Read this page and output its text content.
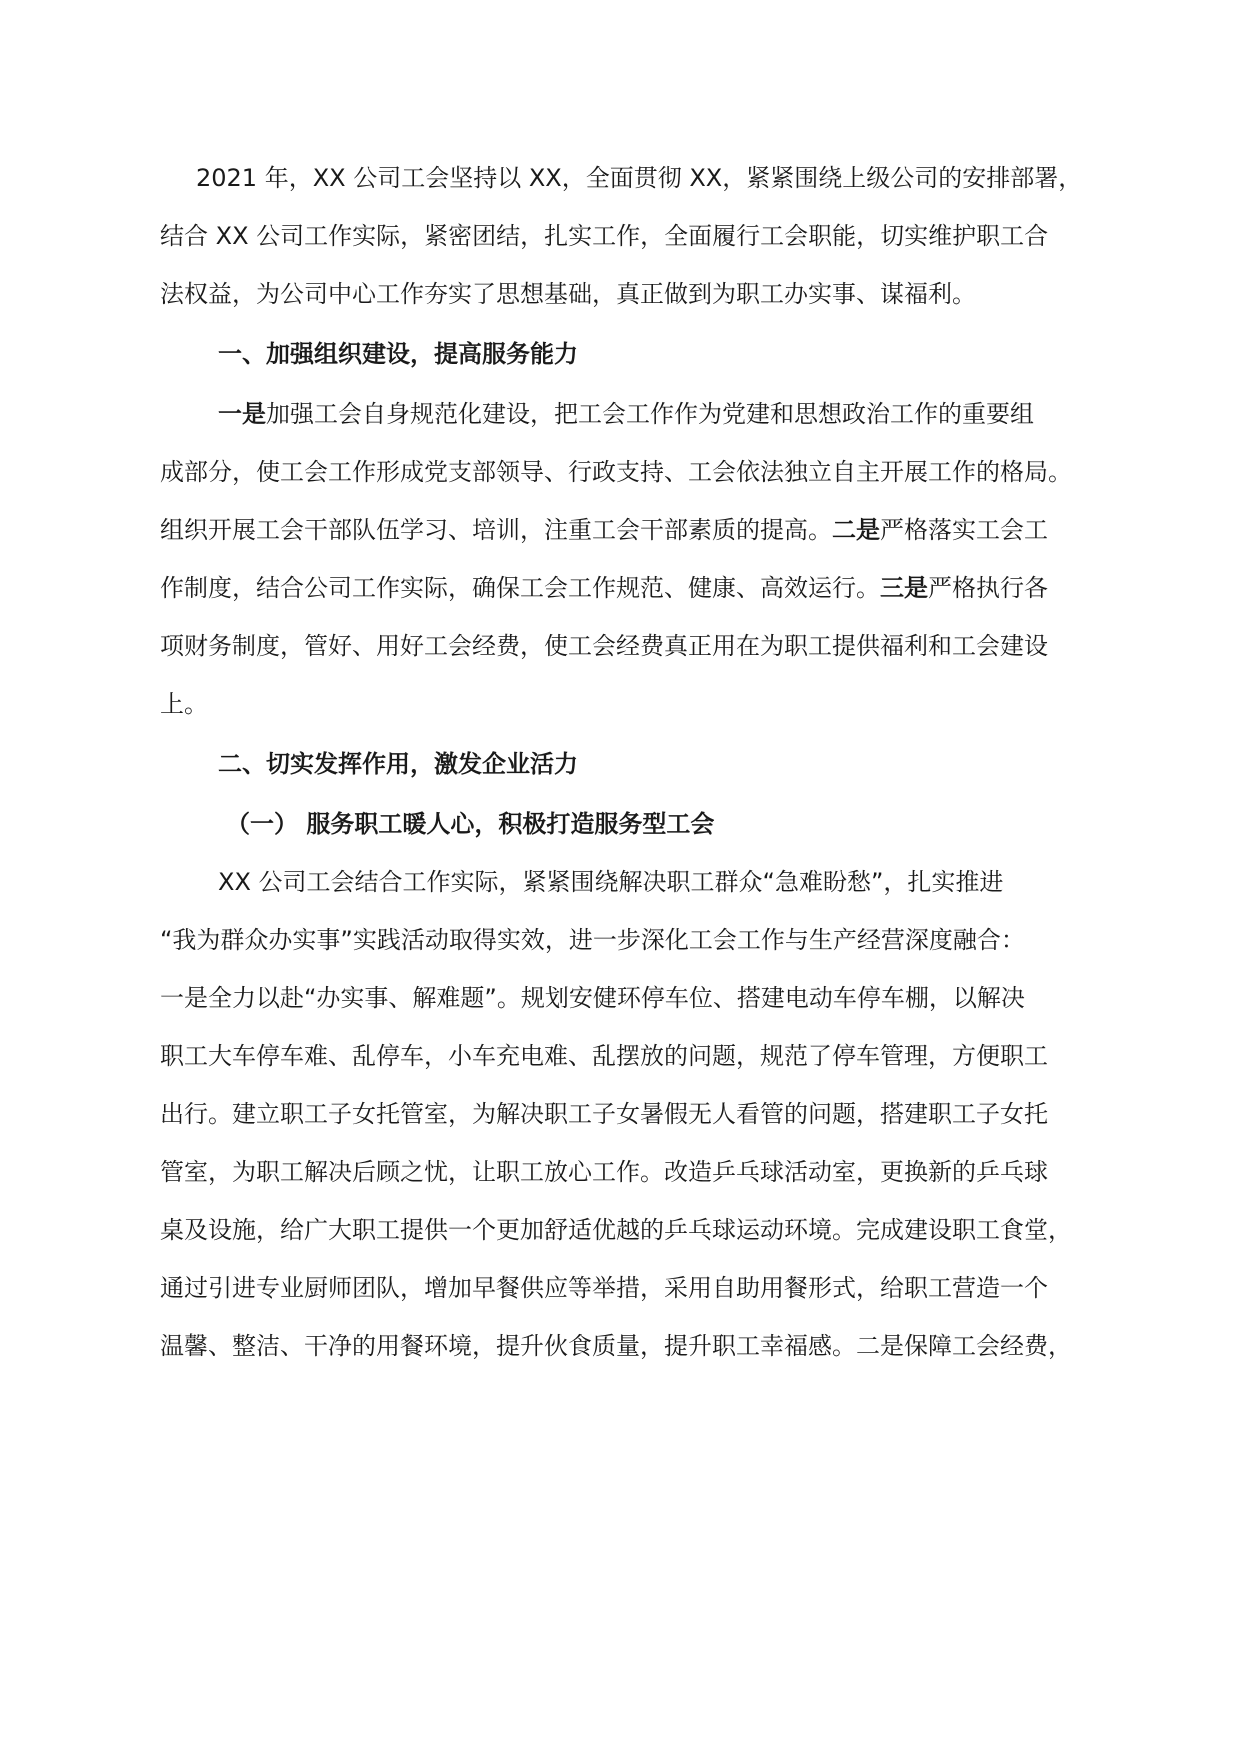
2021 年，XX 公司工会坚持以 XX，全面贯彻 XX，紧紧围绕上级公司的安排部署，
结合 XX 公司工作实际，紧密团结，扎实工作，全面履行工会职能，切实维护职工合
法权益，为公司中心工作夯实了思想基础，真正做到为职工办实事、谋福利。
一、加强组织建设，提高服务能力
一是加强工会自身规范化建设，把工会工作作为党建和思想政治工作的重要组
成部分，使工会工作形成党支部领导、行政支持、工会依法独立自主开展工作的格局。
组织开展工会干部队伍学习、培训，注重工会干部素质的提高。二是严格落实工会工
作制度，结合公司工作实际，确保工会工作规范、健康、高效运行。三是严格执行各
项财务制度，管好、用好工会经费，使工会经费真正用在为职工提供福利和工会建设
上。
二、切实发挥作用，激发企业活力
（一） 服务职工暖人心，积极打造服务型工会
XX 公司工会结合工作实际，紧紧围绕解决职工群众“急难盼愁”，扎实推进
“我为群众办实事”实践活动取得实效，进一步深化工会工作与生产经营深度融合：
一是全力以赴“办实事、解难题”。规划安健环停车位、搭建电动车停车棚，以解决
职工大车停车难、乱停车，小车充电难、乱摆放的问题，规范了停车管理，方便职工
出行。建立职工子女托管室，为解决职工子女暑假无人看管的问题，搭建职工子女托
管室，为职工解决后顾之忧，让职工放心工作。改造乒乓球活动室，更换新的乒乓球
桌及设施，给广大职工提供一个更加舒适优越的乒乓球运动环境。完成建设职工食堂，
通过引进专业厨师团队，增加早餐供应等举措，采用自助用餐形式，给职工营造一个
温馨、整洁、干净的用餐环境，提升伙食质量，提升职工幸福感。二是保障工会经费，
